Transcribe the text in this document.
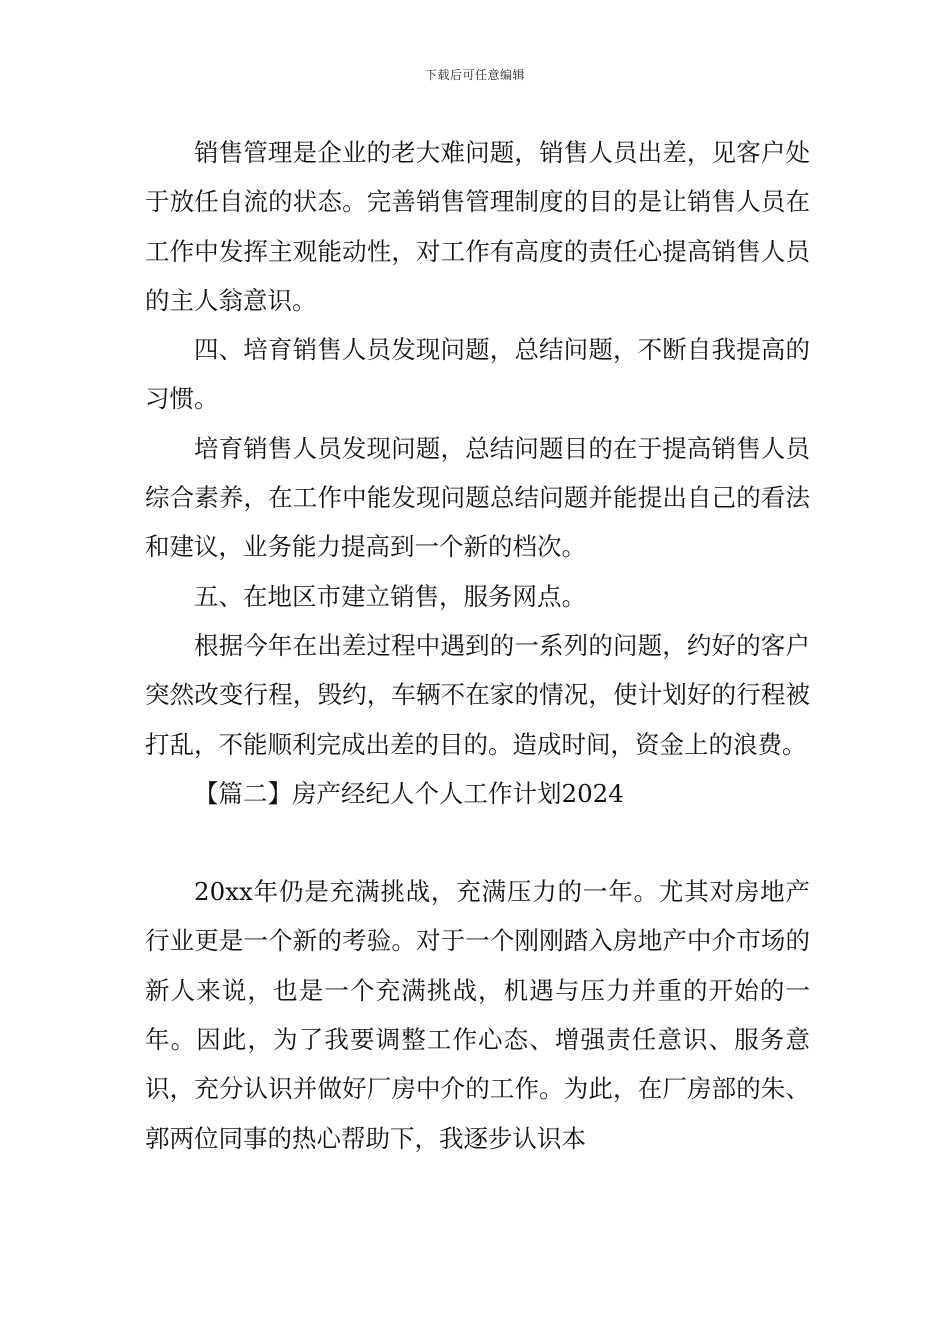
下载后可任意编辑

销售管理是企业的老大难问题，销售人员出差，见客户处于放任自流的状态。完善销售管理制度的目的是让销售人员在工作中发挥主观能动性，对工作有高度的责任心提高销售人员的主人翁意识。

四、培育销售人员发现问题，总结问题，不断自我提高的习惯。

培育销售人员发现问题，总结问题目的在于提高销售人员综合素养，在工作中能发现问题总结问题并能提出自己的看法和建议，业务能力提高到一个新的档次。

五、在地区市建立销售，服务网点。

根据今年在出差过程中遇到的一系列的问题，约好的客户突然改变行程，毁约，车辆不在家的情况，使计划好的行程被打乱，不能顺利完成出差的目的。造成时间，资金上的浪费。

【篇二】房产经纪人个人工作计划2024

20xx年仍是充满挑战，充满压力的一年。尤其对房地产行业更是一个新的考验。对于一个刚刚踏入房地产中介市场的新人来说，也是一个充满挑战，机遇与压力并重的开始的一年。因此，为了我要调整工作心态、增强责任意识、服务意识，充分认识并做好厂房中介的工作。为此，在厂房部的朱、郭两位同事的热心帮助下，我逐步认识本
